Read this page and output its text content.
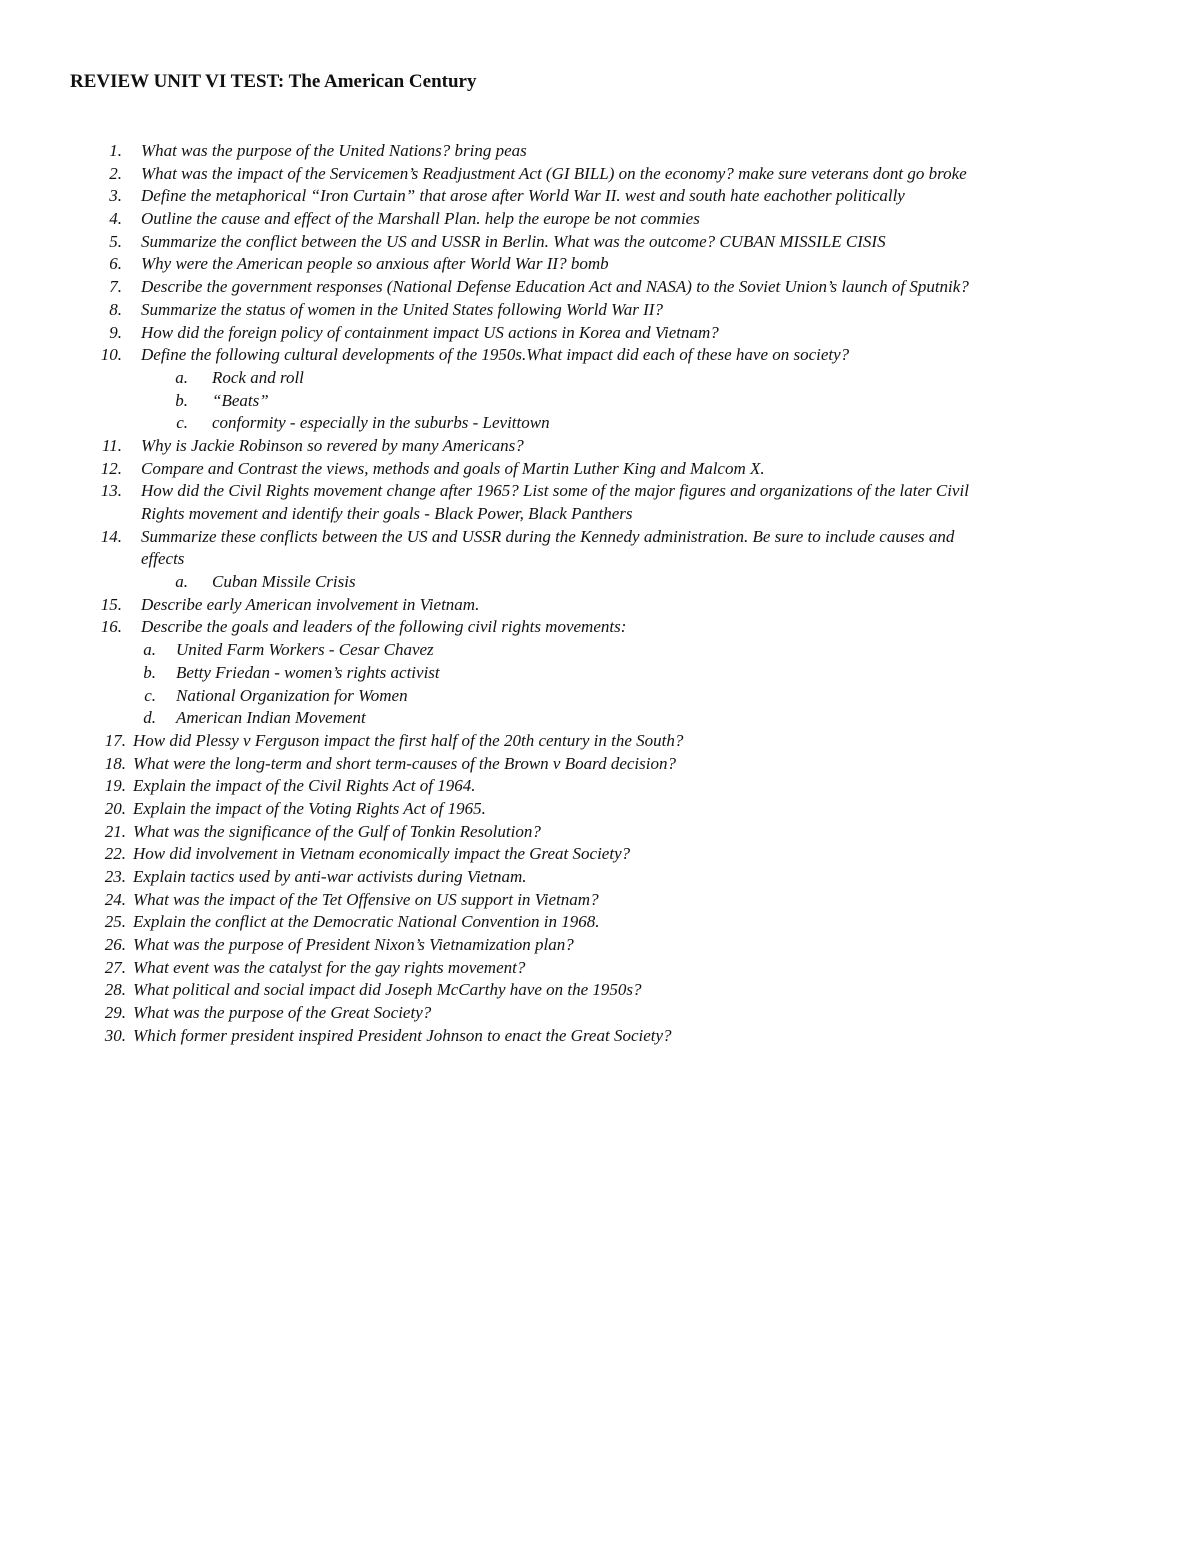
REVIEW UNIT VI TEST: The American Century
1. What was the purpose of the United Nations? bring peas
2. What was the impact of the Servicemen’s Readjustment Act (GI BILL) on the economy? make sure veterans dont go broke
3. Define the metaphorical “Iron Curtain” that arose after World War II. west and south hate eachother politically
4. Outline the cause and effect of the Marshall Plan. help the europe be not commies
5. Summarize the conflict between the US and USSR in Berlin. What was the outcome? CUBAN MISSILE CISIS
6. Why were the American people so anxious after World War II? bomb
7. Describe the government responses (National Defense Education Act and NASA) to the Soviet Union’s launch of Sputnik?
8. Summarize the status of women in the United States following World War II?
9. How did the foreign policy of containment impact US actions in Korea and Vietnam?
10. Define the following cultural developments of the 1950s.What impact did each of these have on society?
a. Rock and roll
b. “Beats”
c. conformity - especially in the suburbs - Levittown
11. Why is Jackie Robinson so revered by many Americans?
12. Compare and Contrast the views, methods and goals of Martin Luther King and Malcom X.
13. How did the Civil Rights movement change after 1965? List some of the major figures and organizations of the later Civil
Rights movement and identify their goals - Black Power, Black Panthers
14. Summarize these conflicts between the US and USSR during the Kennedy administration. Be sure to include causes and
effects
a. Cuban Missile Crisis
15. Describe early American involvement in Vietnam.
16. Describe the goals and leaders of the following civil rights movements:
a. United Farm Workers - Cesar Chavez
b. Betty Friedan - women’s rights activist
c. National Organization for Women
d. American Indian Movement
17. How did Plessy v Ferguson impact the first half of the 20th century in the South?
18. What were the long-term and short term-causes of the Brown v Board decision?
19. Explain the impact of the Civil Rights Act of 1964.
20. Explain the impact of the Voting Rights Act of 1965.
21. What was the significance of the Gulf of Tonkin Resolution?
22. How did involvement in Vietnam economically impact the Great Society?
23. Explain tactics used by anti-war activists during Vietnam.
24. What was the impact of the Tet Offensive on US support in Vietnam?
25. Explain the conflict at the Democratic National Convention in 1968.
26. What was the purpose of President Nixon’s Vietnamization plan?
27. What event was the catalyst for the gay rights movement?
28. What political and social impact did Joseph McCarthy have on the 1950s?
29. What was the purpose of the Great Society?
30. Which former president inspired President Johnson to enact the Great Society?
